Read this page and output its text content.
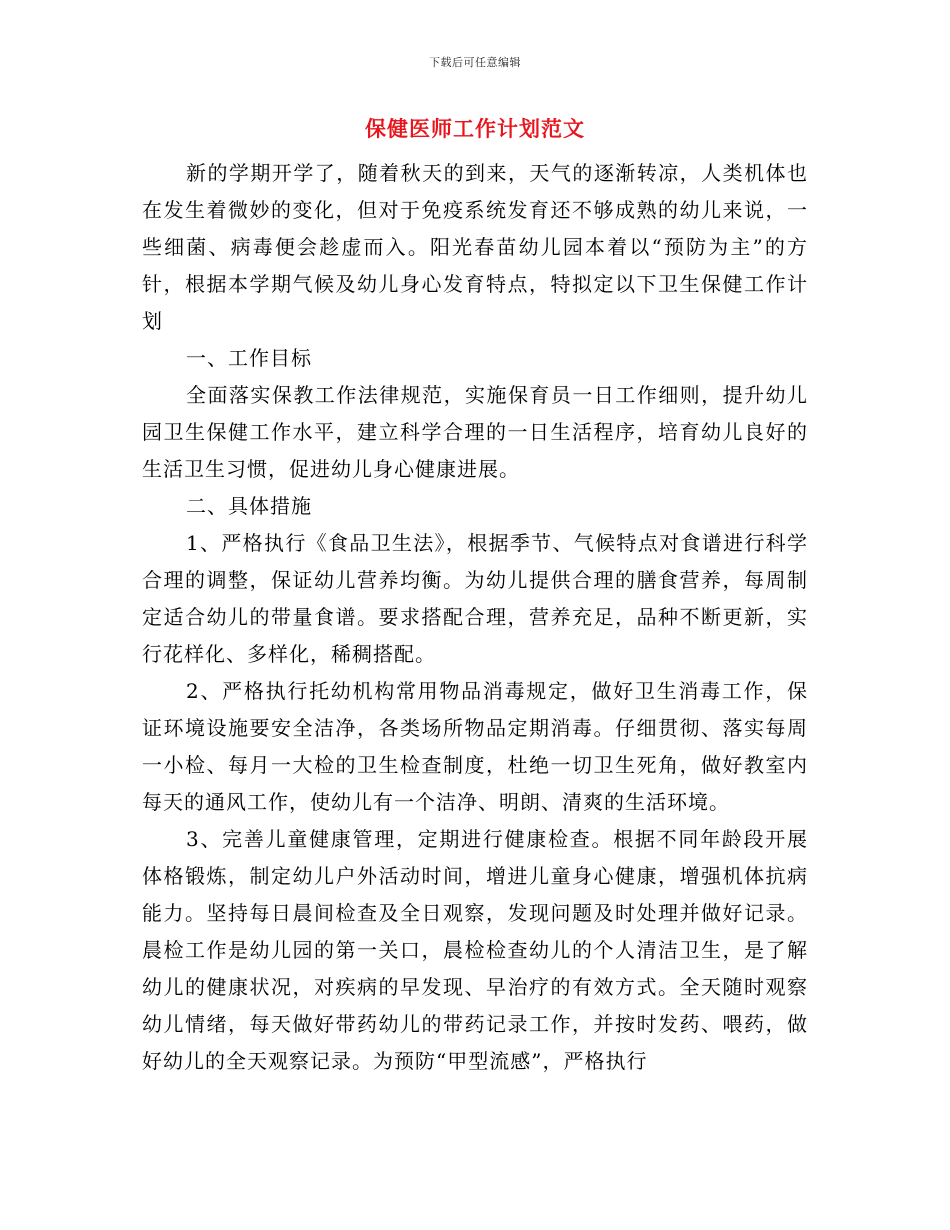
下载后可任意编辑
保健医师工作计划范文

新的学期开学了，随着秋天的到来，天气的逐渐转凉，人类机体也在发生着微妙的变化，但对于免疫系统发育还不够成熟的幼儿来说，一些细菌、病毒便会趁虚而入。阳光春苗幼儿园本着以“预防为主”的方针，根据本学期气候及幼儿身心发育特点，特拟定以下卫生保健工作计划

一、工作目标

全面落实保教工作法律规范，实施保育员一日工作细则，提升幼儿园卫生保健工作水平，建立科学合理的一日生活程序，培育幼儿良好的生活卫生习惯，促进幼儿身心健康进展。

二、具体措施

1、严格执行《食品卫生法》，根据季节、气候特点对食谱进行科学合理的调整，保证幼儿营养均衡。为幼儿提供合理的膳食营养，每周制定适合幼儿的带量食谱。要求搭配合理，营养充足，品种不断更新，实行花样化、多样化，稀稠搭配。

2、严格执行托幼机构常用物品消毒规定，做好卫生消毒工作，保证环境设施要安全洁净，各类场所物品定期消毒。仔细贯彻、落实每周一小检、每月一大检的卫生检查制度，杜绝一切卫生死角，做好教室内每天的通风工作，使幼儿有一个洁净、明朗、清爽的生活环境。

3、完善儿童健康管理，定期进行健康检查。根据不同年龄段开展体格锻炼，制定幼儿户外活动时间，增进儿童身心健康，增强机体抗病能力。坚持每日晨间检查及全日观察，发现问题及时处理并做好记录。晨检工作是幼儿园的第一关口，晨检检查幼儿的个人清洁卫生，是了解幼儿的健康状况，对疾病的早发现、早治疗的有效方式。全天随时观察幼儿情绪，每天做好带药幼儿的带药记录工作，并按时发药、喂药，做好幼儿的全天观察记录。为预防“甲型流感”，严格执行
